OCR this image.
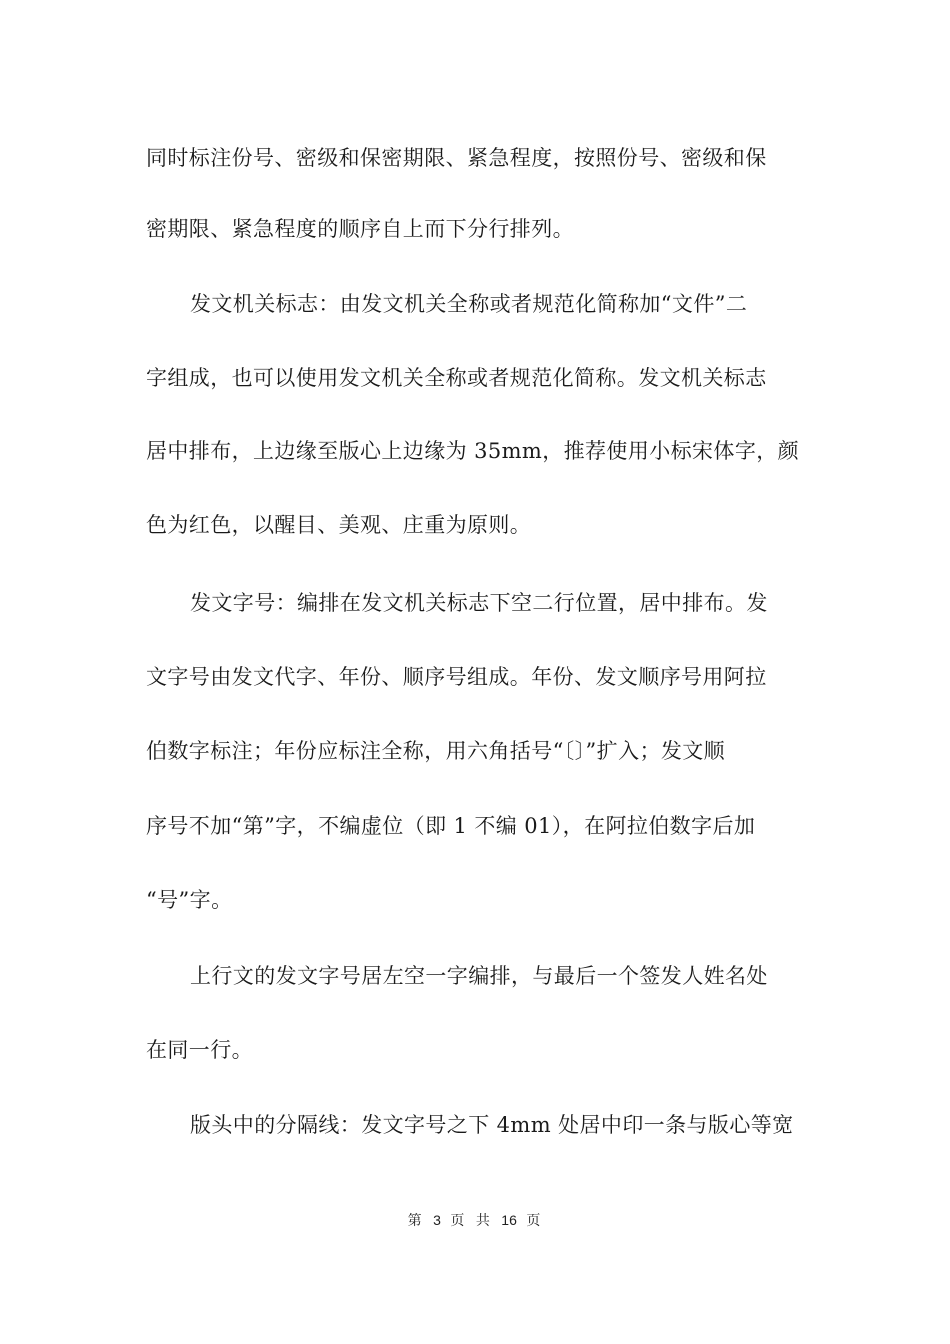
同时标注份号、密级和保密期限、紧急程度，按照份号、密级和保
密期限、紧急程度的顺序自上而下分行排列。
发文机关标志：由发文机关全称或者规范化简称加“文件”二
字组成，也可以使用发文机关全称或者规范化简称。发文机关标志
居中排布，上边缘至版心上边缘为 35mm，推荐使用小标宋体字，颜
色为红色，以醒目、美观、庄重为原则。
发文字号：编排在发文机关标志下空二行位置，居中排布。发
文字号由发文代字、年份、顺序号组成。年份、发文顺序号用阿拉
伯数字标注；年份应标注全称，用六角括号“〔〕”扩入；发文顺
序号不加“第”字，不编虚位（即 1 不编 01），在阿拉伯数字后加
“号”字。
上行文的发文字号居左空一字编排，与最后一个签发人姓名处
在同一行。
版头中的分隔线：发文字号之下 4mm 处居中印一条与版心等宽
第 3 页 共 16 页
